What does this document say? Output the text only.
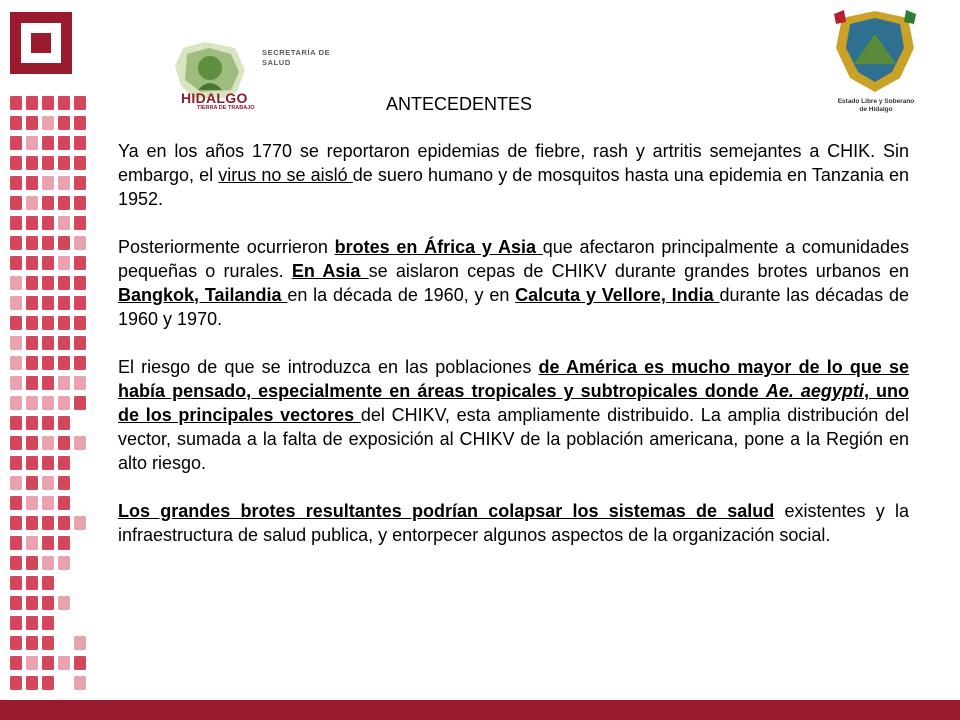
SECRETARÍA DE
SALUD
HIDALGO
TIERRA DE TRABAJO
Estado Libre y Soberano
de Hidalgo
ANTECEDENTES

Ya en los años 1770 se reportaron epidemias de fiebre, rash y artritis semejantes a CHIK. Sin embargo, el virus no se aisló de suero humano y de mosquitos hasta una epidemia en Tanzania en 1952.

Posteriormente ocurrieron brotes en África y Asia que afectaron principalmente a comunidades pequeñas o rurales. En Asia se aislaron cepas de CHIKV durante grandes brotes urbanos en Bangkok, Tailandia en la década de 1960, y en Calcuta y Vellore, India durante las décadas de 1960 y 1970.

El riesgo de que se introduzca en las poblaciones de América es mucho mayor de lo que se había pensado, especialmente en áreas tropicales y subtropicales donde Ae. aegypti, uno de los principales vectores del CHIKV, esta ampliamente distribuido. La amplia distribución del vector, sumada a la falta de exposición al CHIKV de la población americana, pone a la Región en alto riesgo.

Los grandes brotes resultantes podrían colapsar los sistemas de salud existentes y la infraestructura de salud publica, y entorpecer algunos aspectos de la organización social.
